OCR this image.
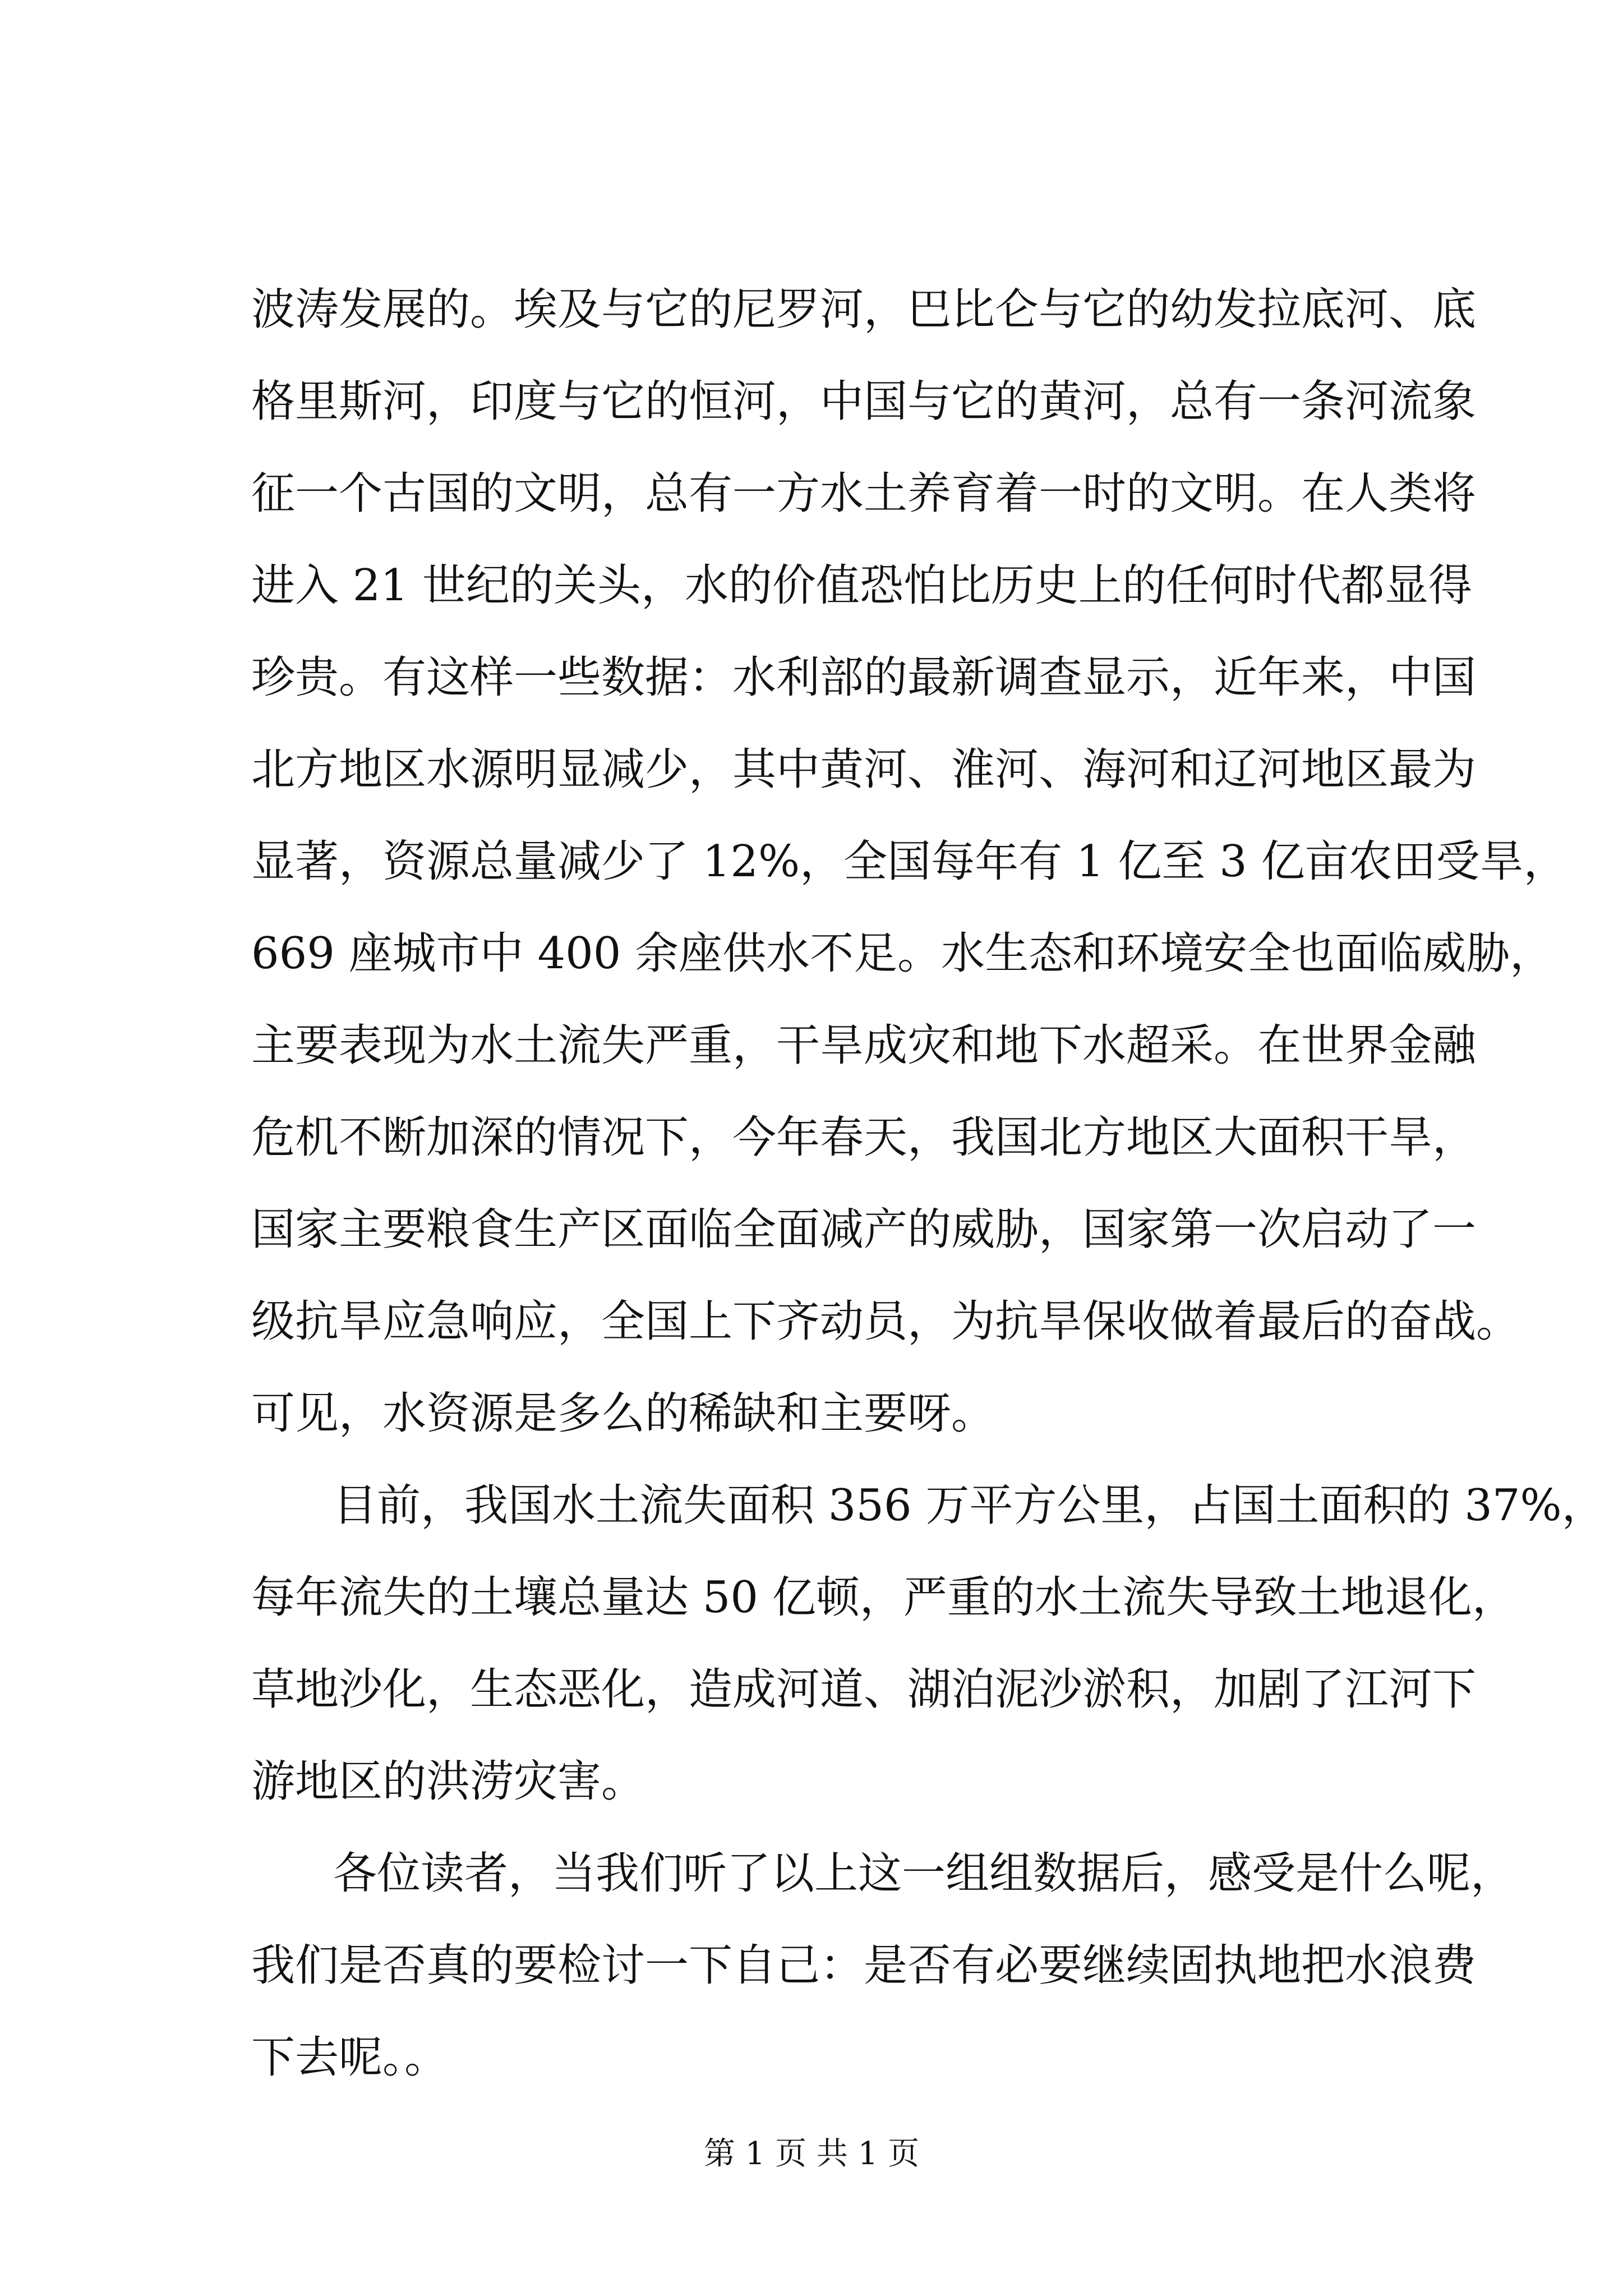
波涛发展的。埃及与它的尼罗河，巴比仑与它的幼发拉底河、底
格里斯河，印度与它的恒河，中国与它的黄河，总有一条河流象
征一个古国的文明，总有一方水土养育着一时的文明。在人类将
进入 21 世纪的关头，水的价值恐怕比历史上的任何时代都显得
珍贵。有这样一些数据：水利部的最新调查显示，近年来，中国
北方地区水源明显减少，其中黄河、淮河、海河和辽河地区最为
显著，资源总量减少了 12%，全国每年有 1 亿至 3 亿亩农田受旱，
669 座城市中 400 余座供水不足。水生态和环境安全也面临威胁，
主要表现为水土流失严重，干旱成灾和地下水超采。在世界金融
危机不断加深的情况下，今年春天，我国北方地区大面积干旱，
国家主要粮食生产区面临全面减产的威胁，国家第一次启动了一
级抗旱应急响应，全国上下齐动员，为抗旱保收做着最后的奋战。
可见，水资源是多么的稀缺和主要呀。
目前，我国水土流失面积 356 万平方公里，占国土面积的 37%，
每年流失的土壤总量达 50 亿顿，严重的水土流失导致土地退化，
草地沙化，生态恶化，造成河道、湖泊泥沙淤积，加剧了江河下
游地区的洪涝灾害。
各位读者，当我们听了以上这一组组数据后，感受是什么呢，
我们是否真的要检讨一下自己：是否有必要继续固执地把水浪费
下去呢。。
第 1 页 共 1 页
